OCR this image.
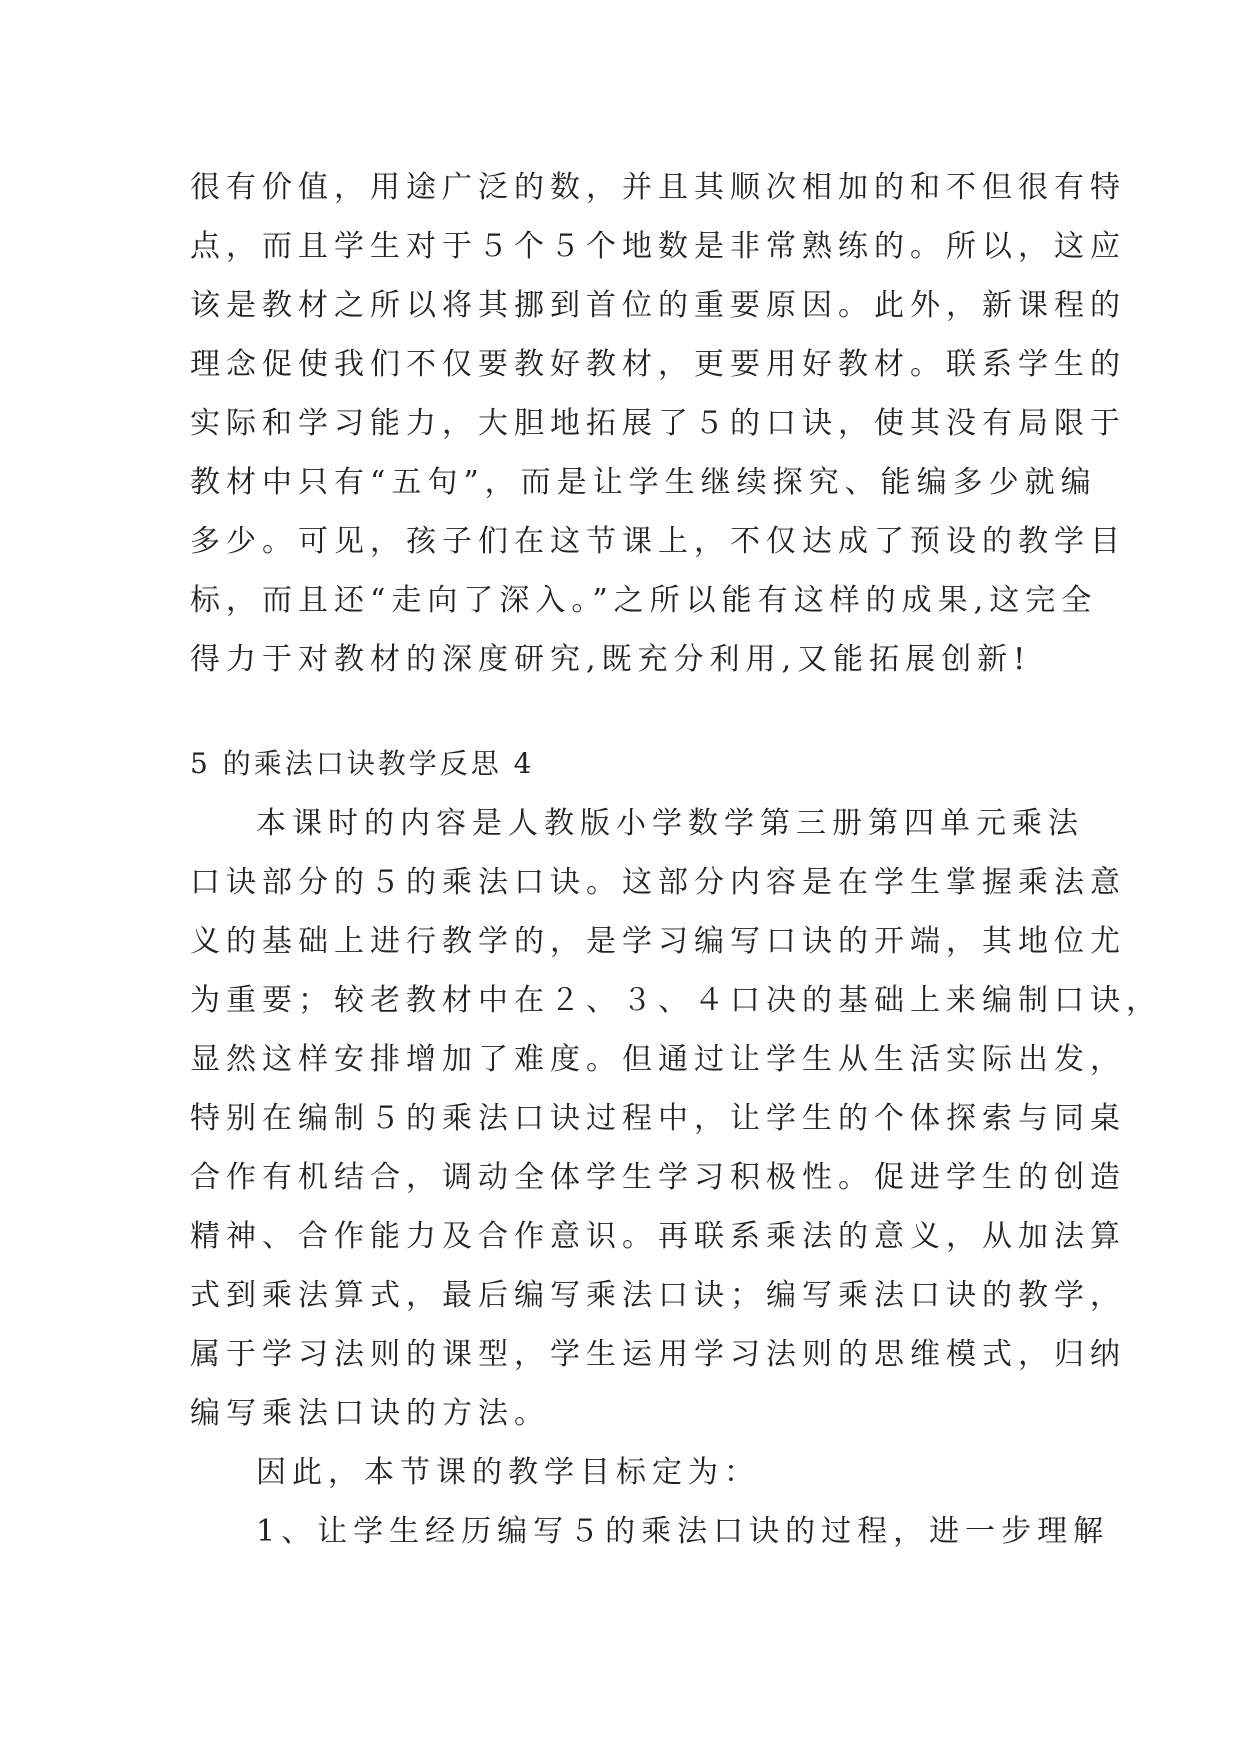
很有价值，用途广泛的数，并且其顺次相加的和不但很有特
点，而且学生对于５个５个地数是非常熟练的。所以，这应
该是教材之所以将其挪到首位的重要原因。此外，新课程的
理念促使我们不仅要教好教材，更要用好教材。联系学生的
实际和学习能力，大胆地拓展了５的口诀，使其没有局限于
教材中只有“五句”，而是让学生继续探究、能编多少就编
多少。可见，孩子们在这节课上，不仅达成了预设的教学目
标，而且还“走向了深入。”之所以能有这样的成果,这完全
得力于对教材的深度研究,既充分利用,又能拓展创新!
5 的乘法口诀教学反思 4
本课时的内容是人教版小学数学第三册第四单元乘法
口诀部分的５的乘法口诀。这部分内容是在学生掌握乘法意
义的基础上进行教学的，是学习编写口诀的开端，其地位尤
为重要；较老教材中在２、３、４口决的基础上来编制口诀，
显然这样安排增加了难度。但通过让学生从生活实际出发，
特别在编制５的乘法口诀过程中，让学生的个体探索与同桌
合作有机结合，调动全体学生学习积极性。促进学生的创造
精神、合作能力及合作意识。再联系乘法的意义，从加法算
式到乘法算式，最后编写乘法口诀；编写乘法口诀的教学，
属于学习法则的课型，学生运用学习法则的思维模式，归纳
编写乘法口诀的方法。
因此，本节课的教学目标定为：
1、让学生经历编写５的乘法口诀的过程，进一步理解
